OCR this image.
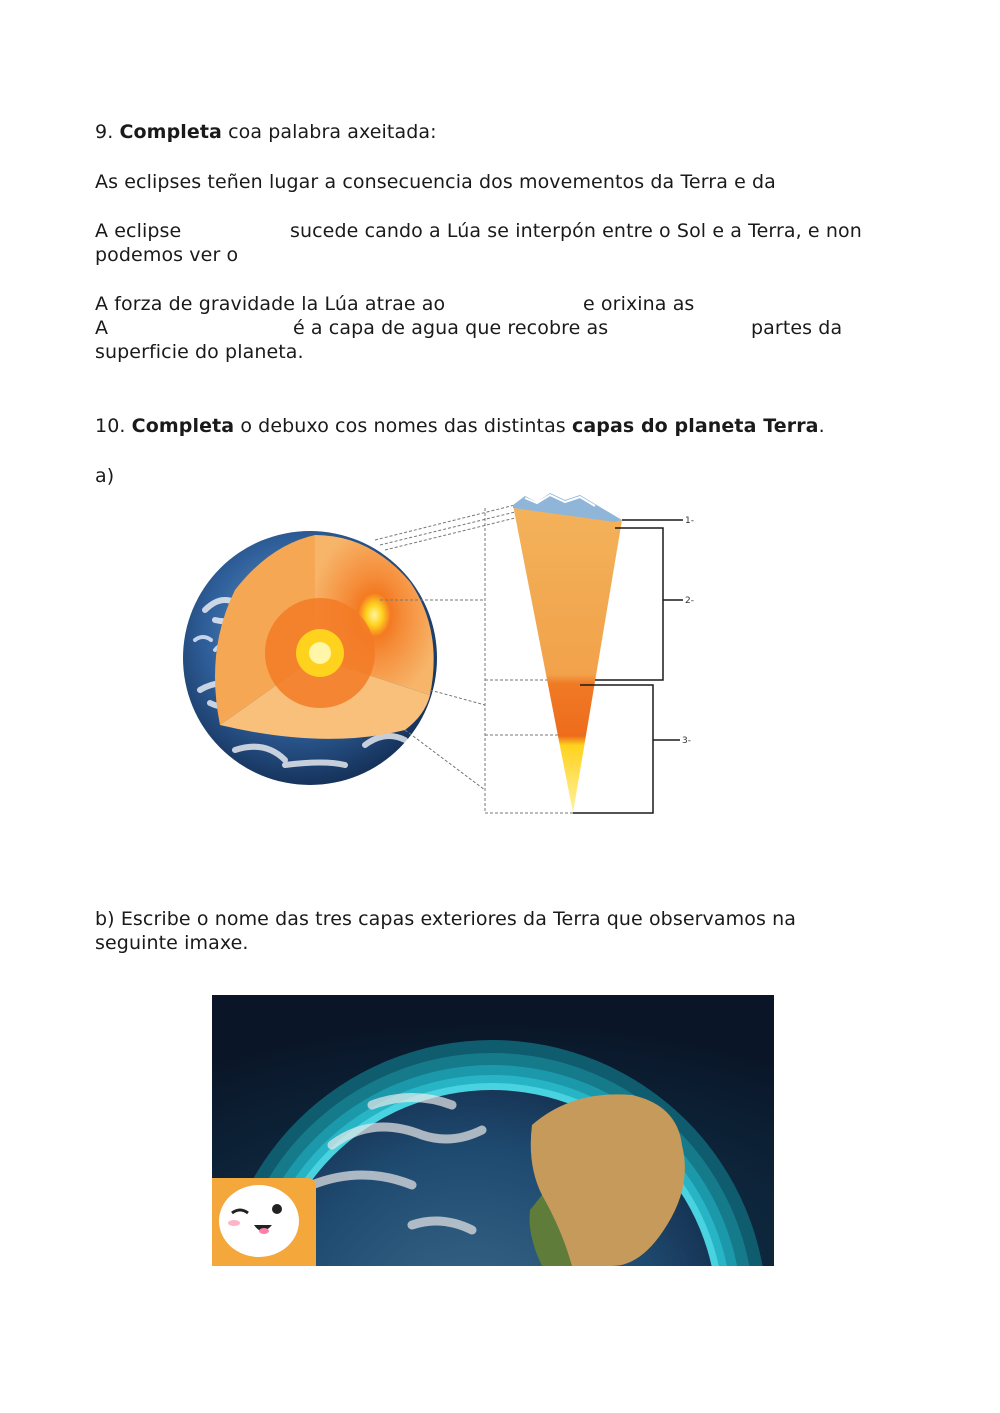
9. Completa coa palabra axeitada:
As eclipses teñen lugar a consecuencia dos movementos da Terra e da
A eclipse	sucede cando a Lúa se interpón entre o Sol e a Terra, e non
podemos ver o
A forza de gravidade la Lúa atrae ao	e orixina as
A	é a capa de agua que recobre as	partes da
superficie do planeta.
10. Completa o debuxo cos nomes das distintas capas do planeta Terra.
a)
1-
2-
3-
b) Escribe o nome das tres capas exteriores da Terra que observamos na
seguinte imaxe.
